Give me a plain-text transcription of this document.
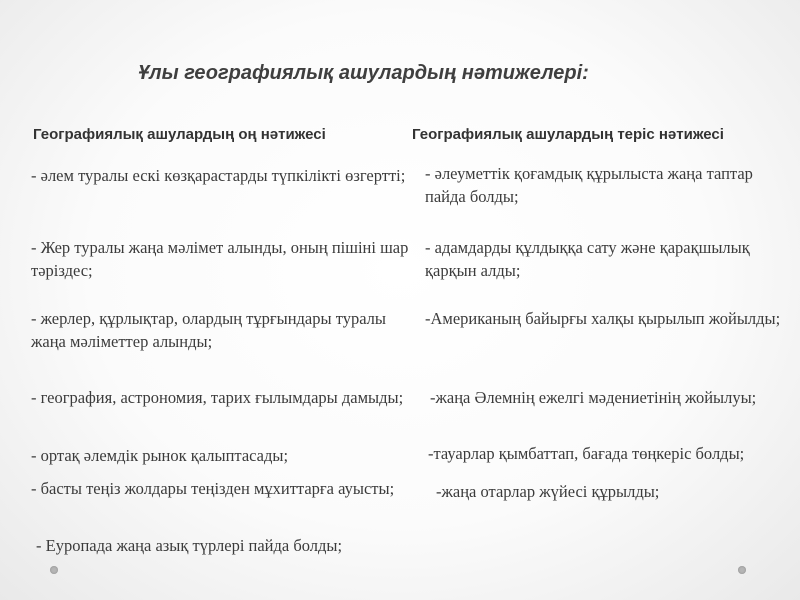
Ұлы географиялық ашулардың нәтижелері:
Географиялық ашулардың оң нәтижесі	Географиялық ашулардың теріс нәтижесі
- әлем туралы ескі көзқарастарды түпкілікті өзгертті;
- Жер туралы жаңа мәлімет алынды, оның пішіні шар тәріздес;
- жерлер, құрлықтар, олардың тұрғындары туралы жаңа мәліметтер алынды;
- география, астрономия, тарих ғылымдары дамыды;
- ортақ әлемдік рынок қалыптасады;
- басты теңіз жолдары теңізден мұхиттарға ауысты;
- Еуропада жаңа азық түрлері пайда болды;
- әлеуметтік қоғамдық құрылыста жаңа таптар пайда болды;
- адамдарды құлдыққа сату және қарақшылық қарқын алды;
-Американың байырғы халқы қырылып жойылды;
-жаңа Әлемнің ежелгі мәдениетінің жойылуы;
-тауарлар қымбаттап, бағада төңкеріс болды;
-жаңа отарлар жүйесі құрылды;
